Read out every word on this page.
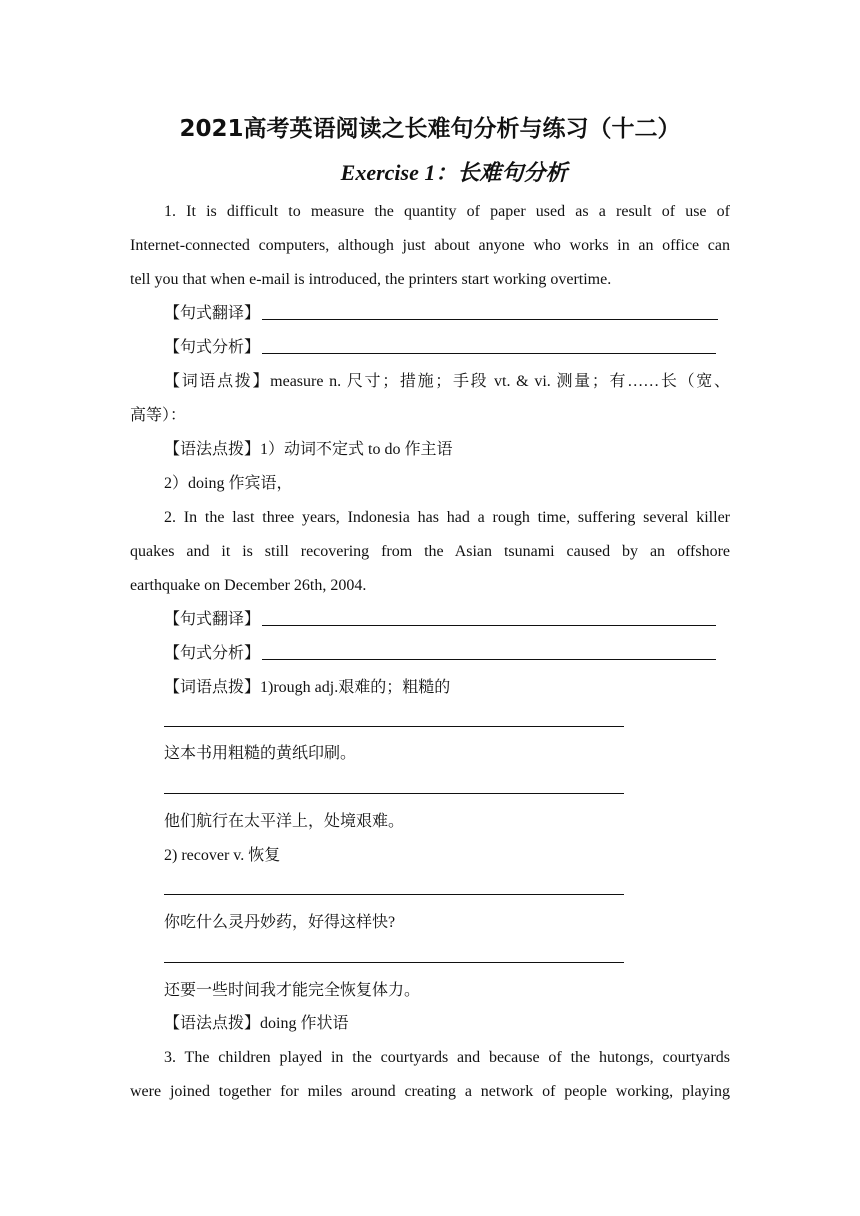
2021高考英语阅读之长难句分析与练习（十二）
Exercise 1：长难句分析

1. It is difficult to measure the quantity of paper used as a result of use of

Internet-connected computers, although just about anyone who works in an office can

tell you that when e-mail is introduced, the printers start working overtime.

【句式翻译】

【句式分析】

【词语点拨】measure n. 尺寸；措施；手段 vt. & vi. 测量；有……长（宽、

高等）：

【语法点拨】1）动词不定式 to do 作主语

2）doing 作宾语，

2. In the last three years, Indonesia has had a rough time, suffering several killer

quakes and it is still recovering from the Asian tsunami caused by an offshore

earthquake on December 26th, 2004.

【句式翻译】

【句式分析】

【词语点拨】1)rough adj.艰难的；粗糙的

这本书用粗糙的黄纸印刷。

他们航行在太平洋上，处境艰难。

2) recover v. 恢复

你吃什么灵丹妙药，好得这样快?

还要一些时间我才能完全恢复体力。

【语法点拨】doing 作状语

3. The children played in the courtyards and because of the hutongs, courtyards

were joined together for miles around creating a network of people working, playing
